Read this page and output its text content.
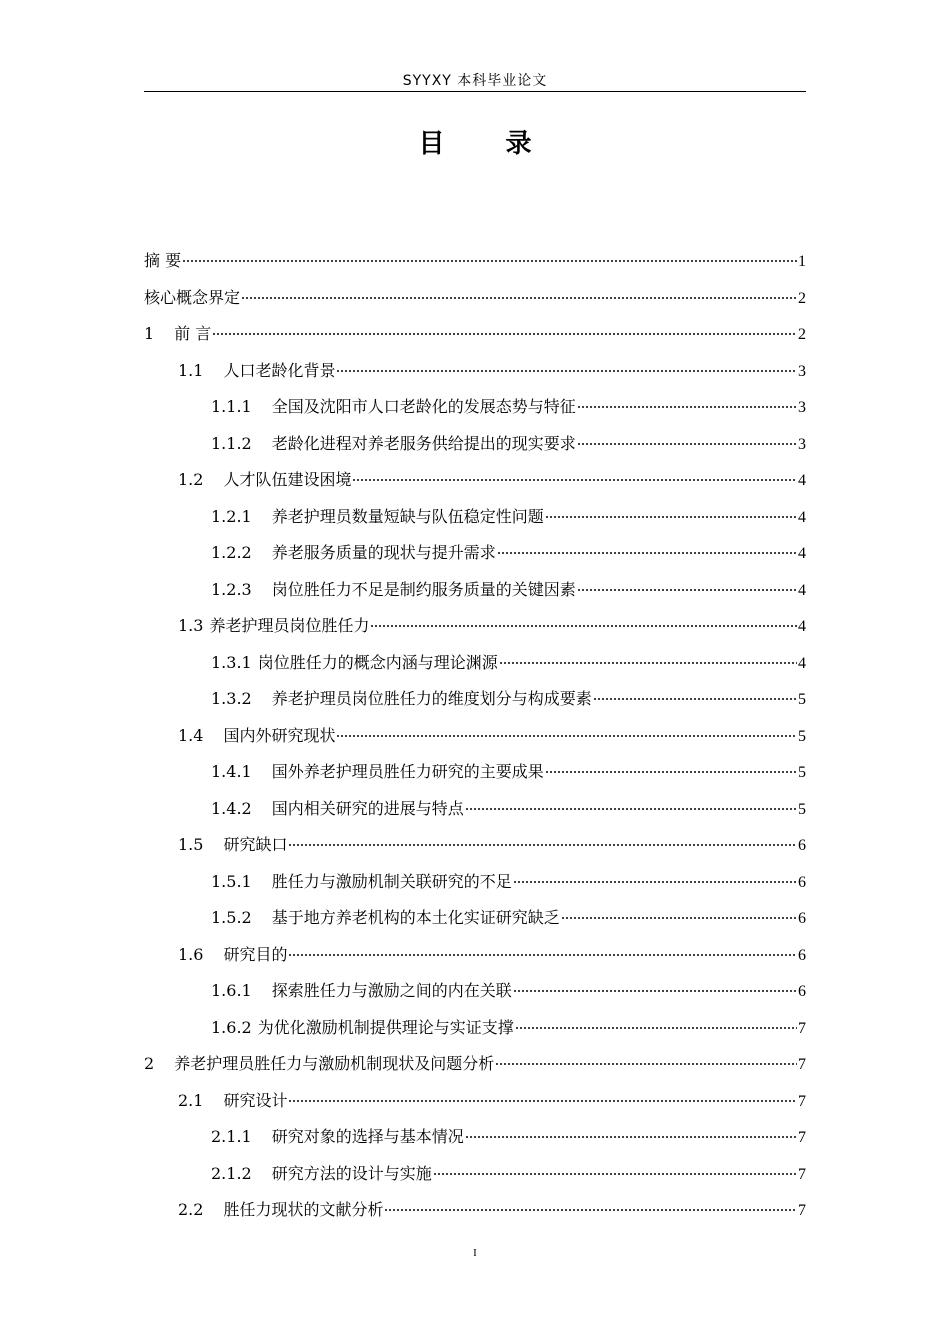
SYYXY 本科毕业论文
目 录
摘 要	1
核心概念界定	2
1 前 言	2
1.1 人口老龄化背景	3
1.1.1 全国及沈阳市人口老龄化的发展态势与特征	3
1.1.2 老龄化进程对养老服务供给提出的现实要求	3
1.2 人才队伍建设困境	4
1.2.1 养老护理员数量短缺与队伍稳定性问题	4
1.2.2 养老服务质量的现状与提升需求	4
1.2.3 岗位胜任力不足是制约服务质量的关键因素	4
1.3 养老护理员岗位胜任力	4
1.3.1 岗位胜任力的概念内涵与理论渊源	4
1.3.2 养老护理员岗位胜任力的维度划分与构成要素	5
1.4 国内外研究现状	5
1.4.1 国外养老护理员胜任力研究的主要成果	5
1.4.2 国内相关研究的进展与特点	5
1.5 研究缺口	6
1.5.1 胜任力与激励机制关联研究的不足	6
1.5.2 基于地方养老机构的本土化实证研究缺乏	6
1.6 研究目的	6
1.6.1 探索胜任力与激励之间的内在关联	6
1.6.2 为优化激励机制提供理论与实证支撑	7
2 养老护理员胜任力与激励机制现状及问题分析	7
2.1 研究设计	7
2.1.1 研究对象的选择与基本情况	7
2.1.2 研究方法的设计与实施	7
2.2 胜任力现状的文献分析	7
I
